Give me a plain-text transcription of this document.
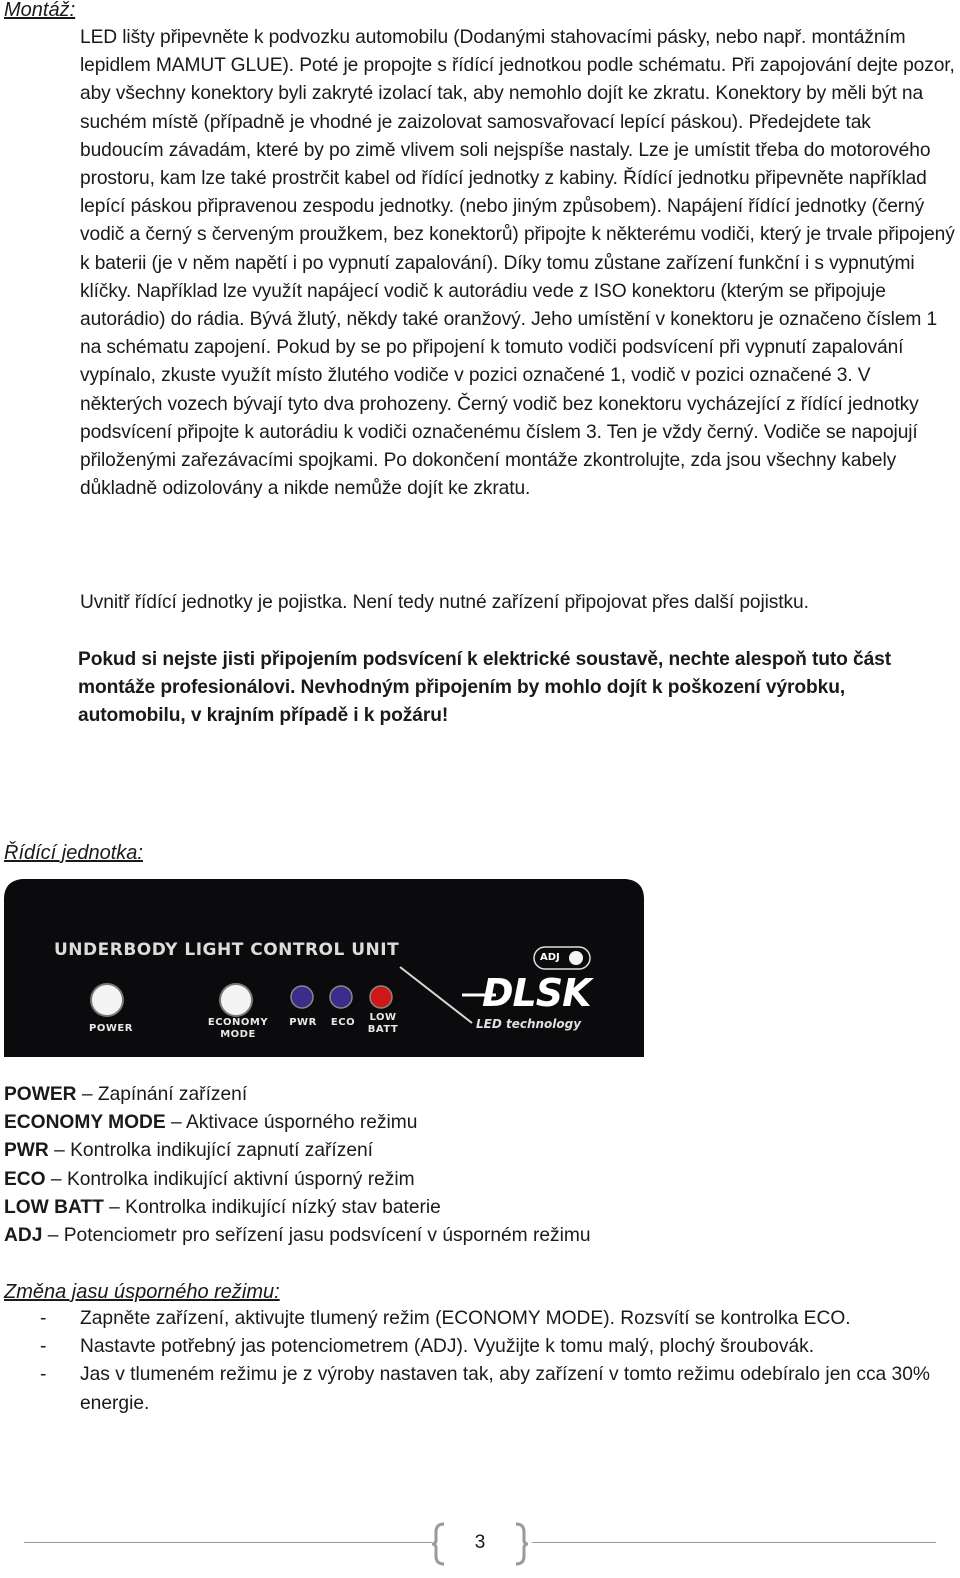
Montáž:

LED lišty připevněte k podvozku automobilu (Dodanými stahovacími pásky, nebo např. montážním lepidlem MAMUT GLUE). Poté je propojte s řídící jednotkou podle schématu. Při zapojování dejte pozor, aby všechny konektory byli zakryté izolací tak, aby nemohlo dojít ke zkratu. Konektory by měli být na suchém místě (případně je vhodné je zaizolovat samosvařovací lepící páskou). Předejdete tak budoucím závadám, které by po zimě vlivem soli nejspíše nastaly. Lze je umístit třeba do motorového prostoru, kam lze také prostrčit kabel od řídící jednotky z kabiny. Řídící jednotku připevněte například lepící páskou připravenou zespodu jednotky. (nebo jiným způsobem). Napájení řídící jednotky (černý vodič a černý s červeným proužkem, bez konektorů) připojte k některému vodiči, který je trvale připojený k baterii (je v něm napětí i po vypnutí zapalování). Díky tomu zůstane zařízení funkční i s vypnutými klíčky. Například lze využít napájecí vodič k autorádiu vede z ISO konektoru (kterým se připojuje autorádio) do rádia. Bývá žlutý, někdy také oranžový. Jeho umístění v konektoru je označeno číslem 1 na schématu zapojení. Pokud by se po připojení k tomuto vodiči podsvícení při vypnutí zapalování vypínalo, zkuste využít místo žlutého vodiče v pozici označené 1, vodič v pozici označené 3. V některých vozech bývají tyto dva prohozeny. Černý vodič bez konektoru vycházející z řídící jednotky podsvícení připojte k autorádiu k vodiči označenému číslem 3. Ten je vždy černý. Vodiče se napojují přiloženými zařezávacími spojkami. Po dokončení montáže zkontrolujte, zda jsou všechny kabely důkladně odizolovány a nikde nemůže dojít ke zkratu.

Uvnitř řídící jednotky je pojistka. Není tedy nutné zařízení připojovat přes další pojistku.

Pokud si nejste jisti připojením podsvícení k elektrické soustavě, nechte alespoň tuto část montáže profesionálovi. Nevhodným připojením by mohlo dojít k poškození výrobku, automobilu, v krajním případě i k požáru!

Řídící jednotka:

UNDERBODY LIGHT CONTROL UNIT

POWER

ECONOMY
MODE

PWR	ECO	LOW
BATT

ADJ

DLSK

LED technology

POWER – Zapínání zařízení
ECONOMY MODE – Aktivace úsporného režimu
PWR – Kontrolka indikující zapnutí zařízení
ECO – Kontrolka indikující aktivní úsporný režim
LOW BATT – Kontrolka indikující nízký stav baterie
ADJ – Potenciometr pro seřízení jasu podsvícení v úsporném režimu
Změna jasu úsporného režimu:
- Zapněte zařízení, aktivujte tlumený režim (ECONOMY MODE). Rozsvítí se kontrolka ECO.
- Nastavte potřebný jas potenciometrem (ADJ). Využijte k tomu malý, plochý šroubovák.
- Jas v tlumeném režimu je z výroby nastaven tak, aby zařízení v tomto režimu odebíralo jen cca 30% energie.
3
